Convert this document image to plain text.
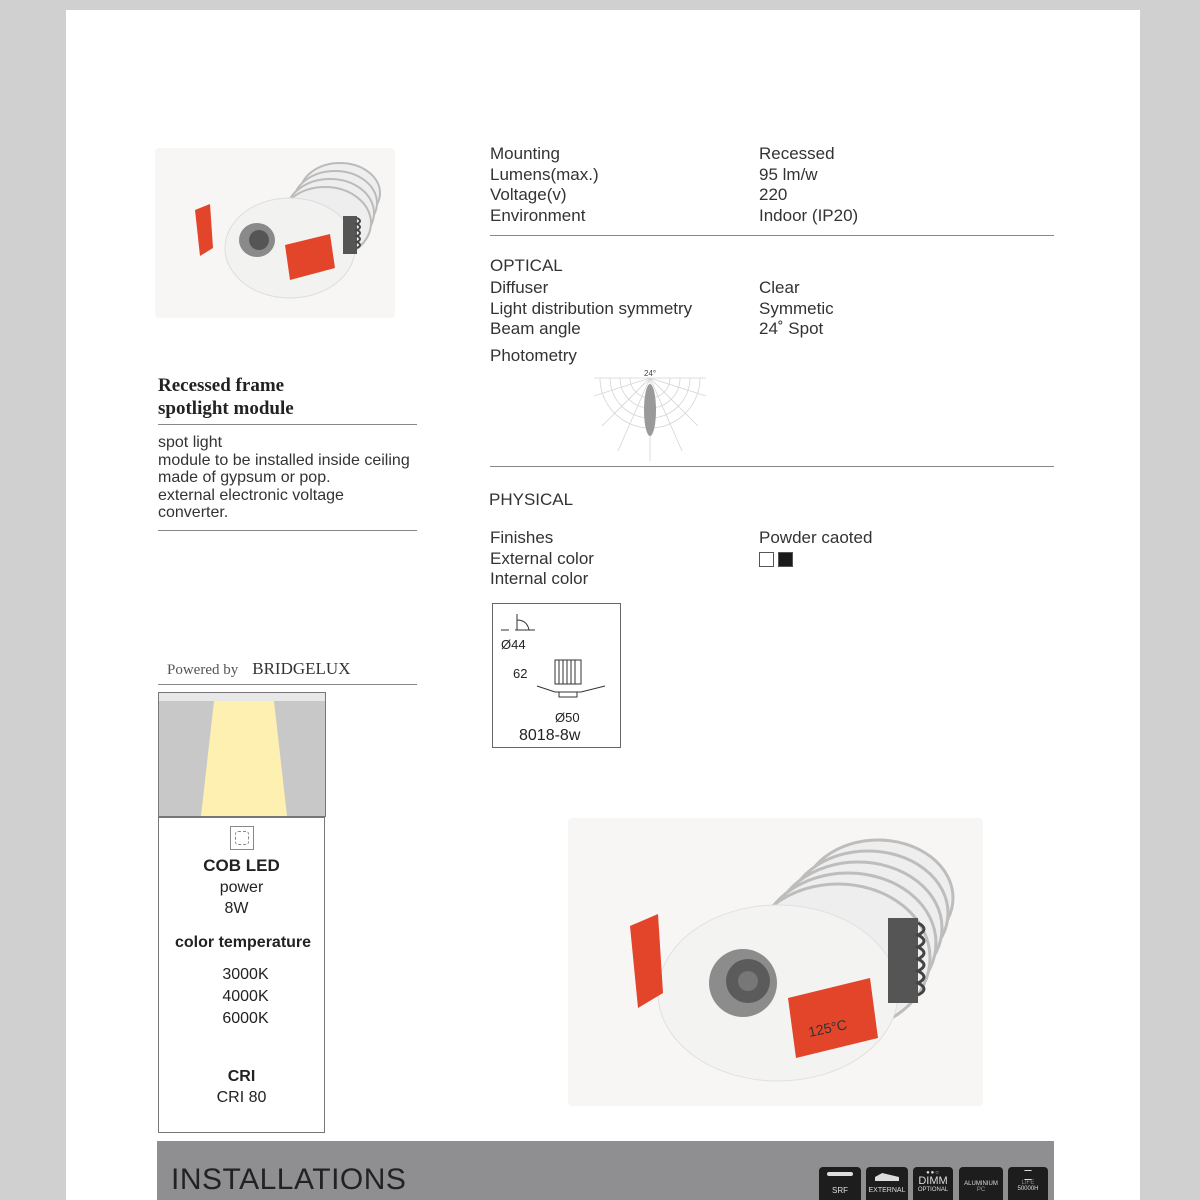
Recessed frame
spotlight module
spot light
module to be installed inside ceiling
made of gypsum or pop.
external electronic voltage
converter.
Powered by BRIDGELUX
COB LED
power
8W
color temperature
3000K
4000K
6000K
CRI
CRI 80
Mounting
Lumens(max.)
Voltage(v)
Environment
Recessed
95 lm/w
220
Indoor (IP20)
OPTICAL
Diffuser
Light distribution symmetry
Beam angle
Clear
Symmetic
24˚ Spot
Photometry
24°
PHYSICAL
Finishes
External color
Internal color
Powder caoted
Ø44
62
Ø50
8018-8w
125°C
INSTALLATIONS	SRF	EXTERNAL
●●○
DIMM
OPTIONAL
ALUMINIUM
PC
LIFE
50000H
